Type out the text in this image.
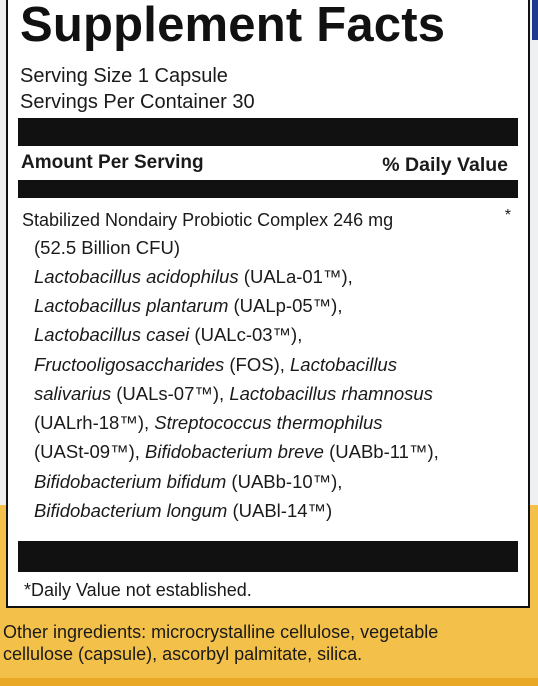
Supplement Facts
Serving Size 1 Capsule
Servings Per Container 30
Amount Per Serving	% Daily Value
Stabilized Nondairy Probiotic Complex 246 mg	*
(52.5 Billion CFU)
Lactobacillus acidophilus (UALa-01™),
Lactobacillus plantarum (UALp-05™),
Lactobacillus casei (UALc-03™),
Fructooligosaccharides (FOS), Lactobacillus
salivarius (UALs-07™), Lactobacillus rhamnosus
(UALrh-18™), Streptococcus thermophilus
(UASt-09™), Bifidobacterium breve (UABb-11™),
Bifidobacterium bifidum (UABb-10™),
Bifidobacterium longum (UABl-14™)
*Daily Value not established.
Other ingredients: microcrystalline cellulose, vegetable
cellulose (capsule), ascorbyl palmitate, silica.
